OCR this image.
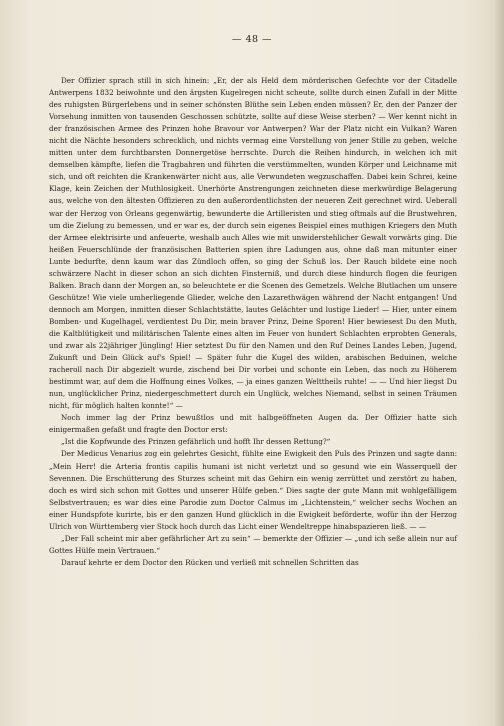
— 48 —

Der Offizier sprach still in sich hinein: „Er, der als Held dem mörderischen Gefechte vor der Citadelle Antwerpens 1832 beiwohnte und den ärgsten Kugelregen nicht scheute, sollte durch einen Zufall in der Mitte des ruhigsten Bürgerlebens und in seiner schönsten Blüthe sein Leben enden müssen? Er, den der Panzer der Vorsehung inmitten von tausenden Geschossen schützte, sollte auf diese Weise sterben? — Wer kennt nicht in der französischen Armee des Prinzen hohe Bravour vor Antwerpen? War der Platz nicht ein Vulkan? Waren nicht die Nächte besonders schrecklich, und nichts vermag eine Vorstellung von jener Stille zu geben, welche mitten unter dem furchtbarsten Donnergetöse herrschte. Durch die Reihen hindurch, in welchen ich mit demselben kämpfte, liefen die Tragbahren und führten die verstümmelten, wunden Körper und Leichname mit sich, und oft reichten die Krankenwärter nicht aus, alle Verwundeten wegzuschaffen. Dabei kein Schrei, keine Klage, kein Zeichen der Muthlosigkeit. Unerhörte Anstrengungen zeichneten diese merkwürdige Belagerung aus, welche von den ältesten Offizieren zu den außerordentlichsten der neueren Zeit gerechnet wird. Ueberall war der Herzog von Orleans gegenwärtig, bewunderte die Artilleristen und stieg oftmals auf die Brustwehren, um die Zielung zu bemessen, und er war es, der durch sein eigenes Beispiel eines muthigen Kriegers den Muth der Armee elektrisirte und anfeuerte, weshalb auch Alles wie mit unwiderstehlicher Gewalt vorwärts ging. Die heißen Feuerschlünde der französischen Batterien spien ihre Ladungen aus, ohne daß man mitunter einer Lunte bedurfte, denn kaum war das Zündloch offen, so ging der Schuß los. Der Rauch bildete eine noch schwärzere Nacht in dieser schon an sich dichten Finsterniß, und durch diese hindurch flogen die feurigen Balken. Brach dann der Morgen an, so beleuchtete er die Scenen des Gemetzels. Welche Blutlachen um unsere Geschütze! Wie viele umherliegende Glieder, welche den Lazarethwägen während der Nacht entgangen! Und dennoch am Morgen, inmitten dieser Schlachtstätte, lautes Gelächter und lustige Lieder! — Hier, unter einem Bomben- und Kugelhagel, verdientest Du Dir, mein braver Prinz, Deine Sporen! Hier bewiesest Du den Muth, die Kaltblütigkeit und militärischen Talente eines alten im Feuer von hundert Schlachten erprobten Generals, und zwar als 22jähriger Jüngling! Hier setztest Du für den Namen und den Ruf Deines Landes Leben, Jugend, Zukunft und Dein Glück auf's Spiel! — Später fuhr die Kugel des wilden, arabischen Beduinen, welche racheroll nach Dir abgezielt wurde, zischend bei Dir vorbei und schonte ein Leben, das noch zu Höherem bestimmt war, auf dem die Hoffnung eines Volkes, — ja eines ganzen Welttheils ruhte! — — Und hier liegst Du nun, unglücklicher Prinz, niedergeschmettert durch ein Unglück, welches Niemand, selbst in seinen Träumen nicht, für möglich halten konnte!“ —

Noch immer lag der Prinz bewußtlos und mit halbgeöffneten Augen da. Der Offizier hatte sich einigermaßen gefaßt und fragte den Doctor erst:

„Ist die Kopfwunde des Prinzen gefährlich und hofft Ihr dessen Rettung?“

Der Medicus Venarius zog ein gelehrtes Gesicht, fühlte eine Ewigkeit den Puls des Prinzen und sagte dann: „Mein Herr! die Arteria frontis capilis humani ist nicht verletzt und so gesund wie ein Wasserquell der Sevennen. Die Erschütterung des Sturzes scheint mit das Gehirn ein wenig zerrüttet und zerstört zu haben, doch es wird sich schon mit Gottes und unserer Hülfe geben.“ Dies sagte der gute Mann mit wohlgefälligem Selbstvertrauen; es war dies eine Parodie zum Doctor Calmus im „Lichtenstein,“ welcher sechs Wochen an einer Hundspfote kurirte, bis er den ganzen Hund glücklich in die Ewigkeit beförderte, wofür ihn der Herzog Ulrich von Württemberg vier Stock hoch durch das Licht einer Wendeltreppe hinabspazieren ließ. — —

„Der Fall scheint mir aber gefährlicher Art zu sein“ — bemerkte der Offizier — „und ich seße allein nur auf Gottes Hülfe mein Vertrauen.“

Darauf kehrte er dem Doctor den Rücken und verließ mit schnellen Schritten das
